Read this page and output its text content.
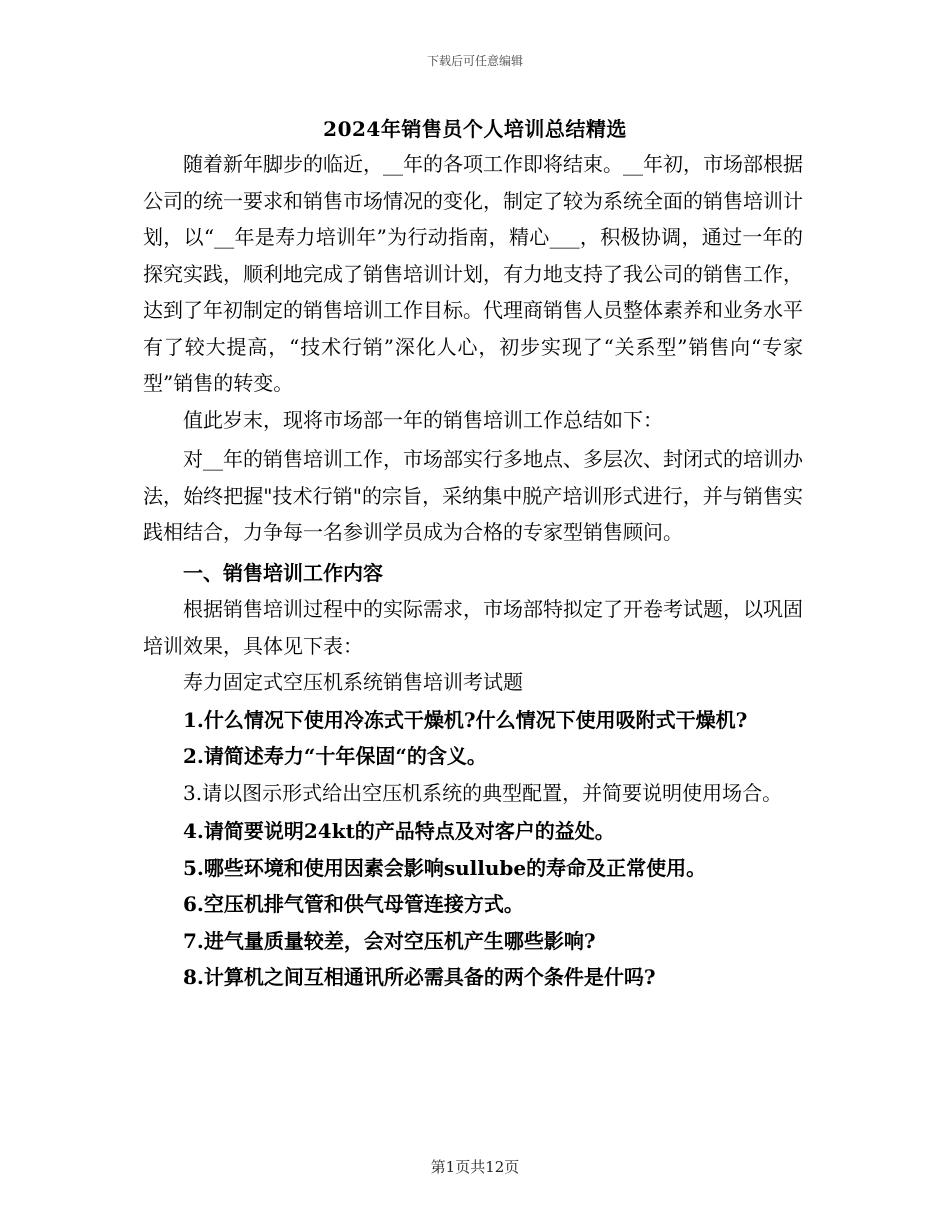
下载后可任意编辑
2024年销售员个人培训总结精选

随着新年脚步的临近，__年的各项工作即将结束。__年初，市场部根据公司的统一要求和销售市场情况的变化，制定了较为系统全面的销售培训计划，以“__年是寿力培训年”为行动指南，精心___，积极协调，通过一年的探究实践，顺利地完成了销售培训计划，有力地支持了我公司的销售工作，达到了年初制定的销售培训工作目标。代理商销售人员整体素养和业务水平有了较大提高，“技术行销”深化人心，初步实现了“关系型”销售向“专家型”销售的转变。

值此岁末，现将市场部一年的销售培训工作总结如下：

对__年的销售培训工作，市场部实行多地点、多层次、封闭式的培训办法，始终把握"技术行销"的宗旨，采纳集中脱产培训形式进行，并与销售实践相结合，力争每一名参训学员成为合格的专家型销售顾问。

一、销售培训工作内容

根据销售培训过程中的实际需求，市场部特拟定了开卷考试题，以巩固培训效果，具体见下表：

寿力固定式空压机系统销售培训考试题

1.什么情况下使用冷冻式干燥机?什么情况下使用吸附式干燥机?

2.请简述寿力“十年保固“的含义。

3.请以图示形式给出空压机系统的典型配置，并简要说明使用场合。

4.请简要说明24kt的产品特点及对客户的益处。

5.哪些环境和使用因素会影响sullube的寿命及正常使用。

6.空压机排气管和供气母管连接方式。

7.进气量质量较差，会对空压机产生哪些影响?

8.计算机之间互相通讯所必需具备的两个条件是什吗?

第1页共12页
